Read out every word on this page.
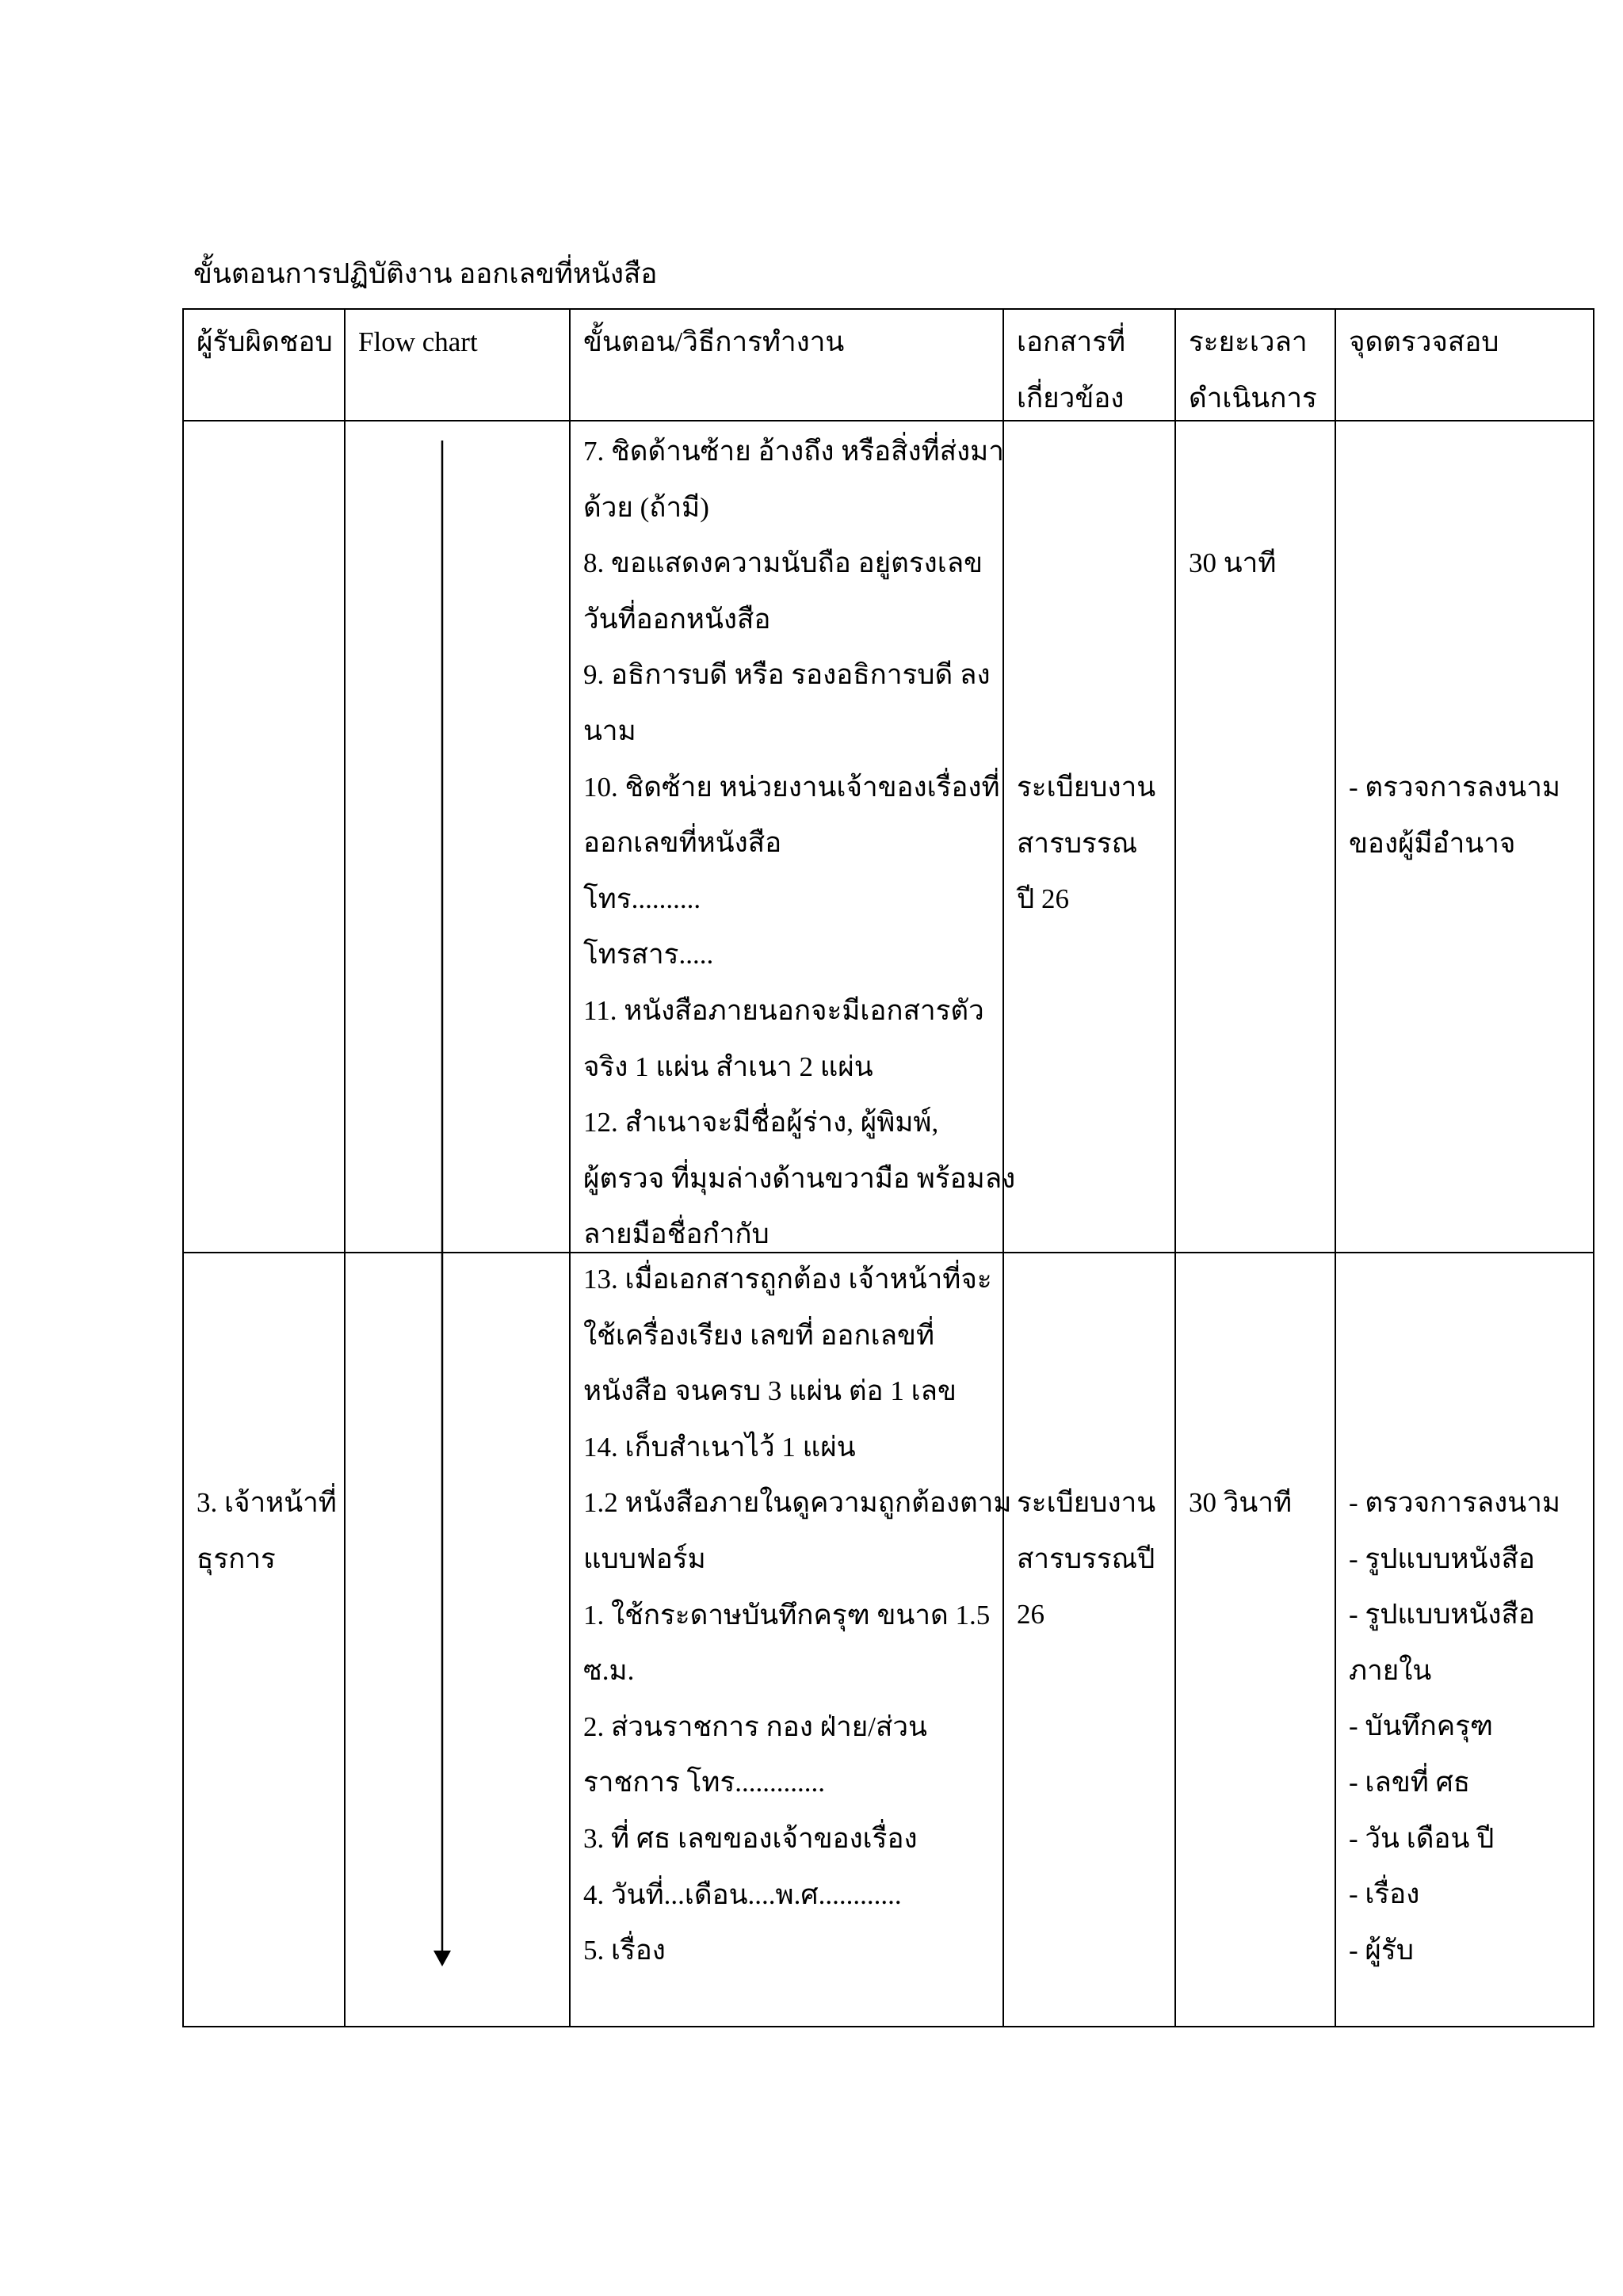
ขั้นตอนการปฏิบัติงาน ออกเลขที่หนังสือ
ผู้รับผิดชอบ Flow chart	ขั้นตอน/วิธีการทำงาน	เอกสารที่
เกี่ยวข้อง
ระยะเวลา
ดำเนินการ
จุดตรวจสอบ
7. ชิดด้านซ้าย อ้างถึง หรือสิ่งที่ส่งมา
ด้วย (ถ้ามี)
8. ขอแสดงความนับถือ อยู่ตรงเลข
วันที่ออกหนังสือ
9. อธิการบดี หรือ รองอธิการบดี ลง
นาม
10. ชิดซ้าย หน่วยงานเจ้าของเรื่องที่
ออกเลขที่หนังสือ
โทร..........
โทรสาร.....
11. หนังสือภายนอกจะมีเอกสารตัว
จริง 1 แผ่น สำเนา 2 แผ่น
12. สำเนาจะมีชื่อผู้ร่าง, ผู้พิมพ์,
ผู้ตรวจ ที่มุมล่างด้านขวามือ พร้อมลง
ลายมือชื่อกำกับ
ระเบียบงาน
สารบรรณ
ปี 26
30 นาที
- ตรวจการลงนาม
ของผู้มีอำนาจ
3. เจ้าหน้าที่
ธุรการ
13. เมื่อเอกสารถูกต้อง เจ้าหน้าที่จะ
ใช้เครื่องเรียง เลขที่ ออกเลขที่
หนังสือ จนครบ 3 แผ่น ต่อ 1 เลข
14. เก็บสำเนาไว้ 1 แผ่น
1.2 หนังสือภายในดูความถูกต้องตาม
แบบฟอร์ม
1. ใช้กระดาษบันทึกครุฑ ขนาด 1.5
ซ.ม.
2. ส่วนราชการ กอง ฝ่าย/ส่วน
ราชการ โทร.............
3. ที่ ศธ เลขของเจ้าของเรื่อง
4. วันที่...เดือน....พ.ศ............
5. เรื่อง
ระเบียบงาน
สารบรรณปี
26
30 วินาที - ตรวจการลงนาม
- รูปแบบหนังสือ
- รูปแบบหนังสือ
ภายใน
- บันทึกครุฑ
- เลขที่ ศธ
- วัน เดือน ปี
- เรื่อง
- ผู้รับ
